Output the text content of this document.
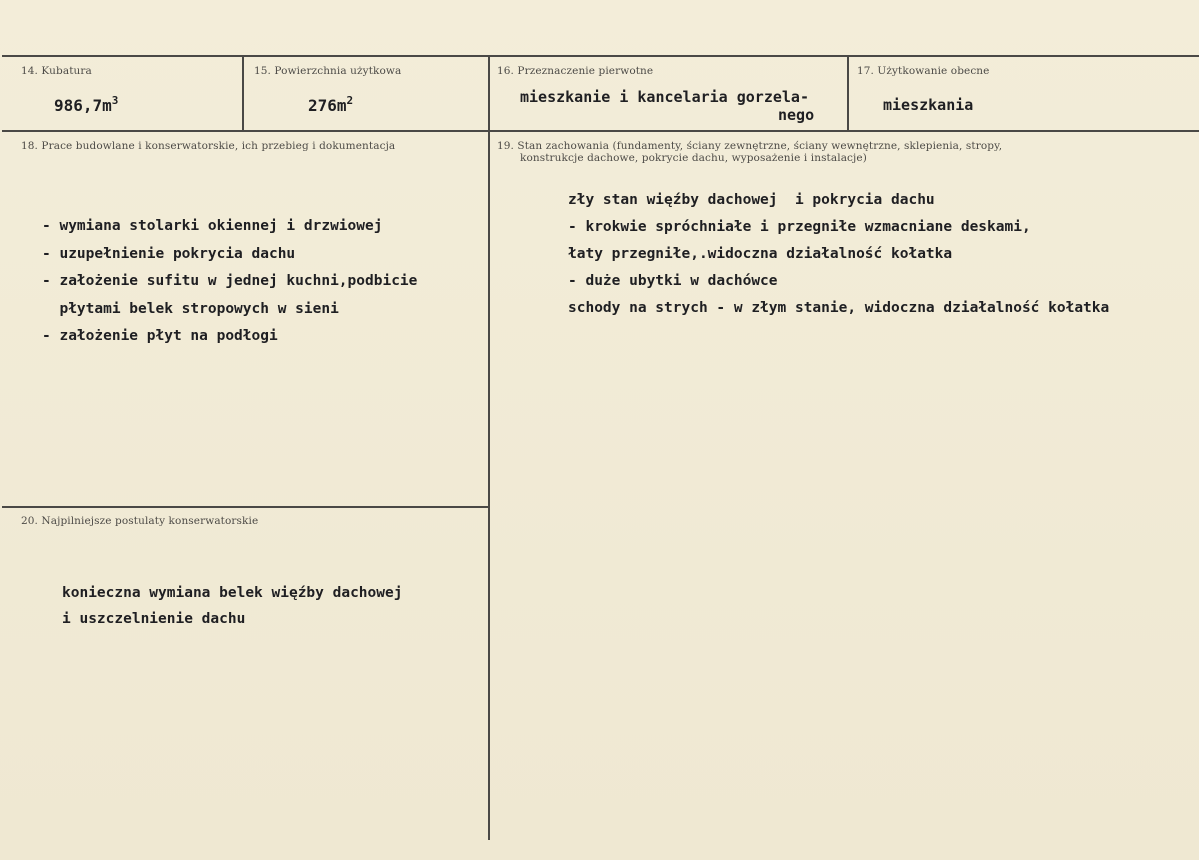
14. Kubatura
$986,7m^3$
15. Powierzchnia użytkowa
$276m^2$
16. Przeznaczenie pierwotne
mieszkanie i kancelaria gorzela-
nego
17. Użytkowanie obecne
mieszkania
18. Prace budowlane i konserwatorskie, ich przebieg i dokumentacja
- wymiana stolarki okiennej i drzwiowej
- uzupełnienie pokrycia dachu
- założenie sufitu w jednej kuchni,podbicie
płytami belek stropowych w sieni
- założenie płyt na podłogi
19. Stan zachowania (fundamenty, ściany zewnętrzne, ściany wewnętrzne, sklepienia, stropy,
konstrukcje dachowe, pokrycie dachu, wyposażenie i instalacje)
zły stan więźby dachowej  i pokrycia dachu
- krokwie spróchniałe i przegniłe wzmacniane deskami,
łaty przegniłe,.widoczna działalność kołatka
- duże ubytki w dachówce
schody na strych - w złym stanie, widoczna działalność kołatka
20. Najpilniejsze postulaty konserwatorskie
konieczna wymiana belek więźby dachowej
i uszczelnienie dachu
